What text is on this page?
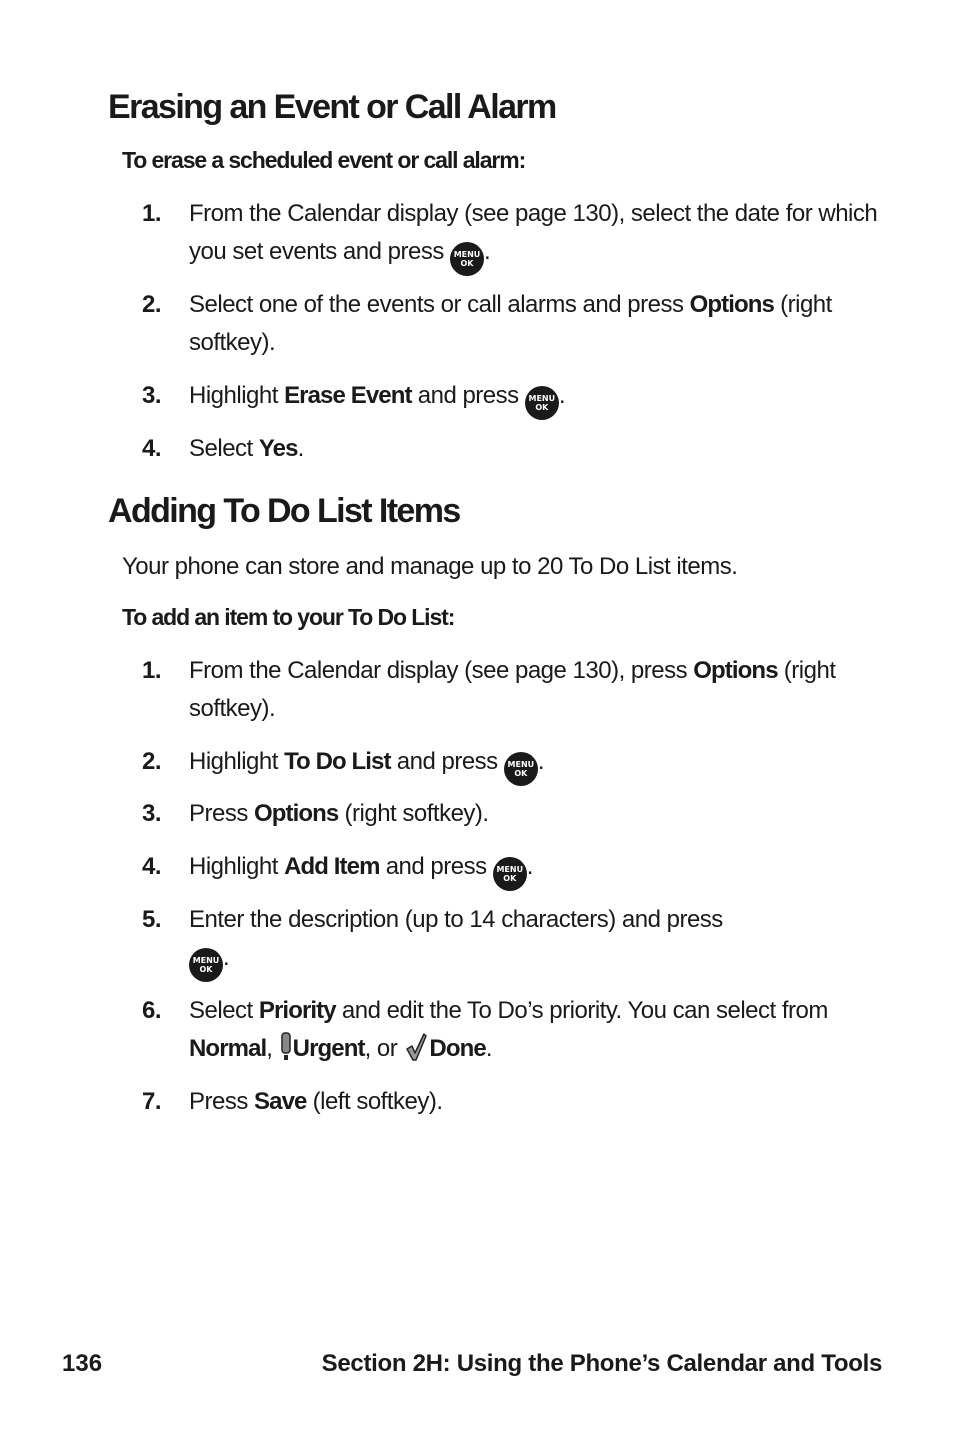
Erasing an Event or Call Alarm

To erase a scheduled event or call alarm:

1. From the Calendar display (see page 130), select the date for which you set events and press MENU
OK .
2. Select one of the events or call alarms and press Options (right softkey).
3. Highlight Erase Event and press MENU
OK .
4. Select Yes.
Adding To Do List Items

Your phone can store and manage up to 20 To Do List items.

To add an item to your To Do List:

1. From the Calendar display (see page 130), press Options (right softkey).
2. Highlight To Do List and press MENU
OK .
3. Press Options (right softkey).
4. Highlight Add Item and press MENU
OK .
5. Enter the description (up to 14 characters) and press
MENU
OK .
6. Select Priority and edit the To Do’s priority. You can select from Normal, Urgent, or Done.
7. Press Save (left softkey).
136	Section 2H: Using the Phone’s Calendar and Tools
